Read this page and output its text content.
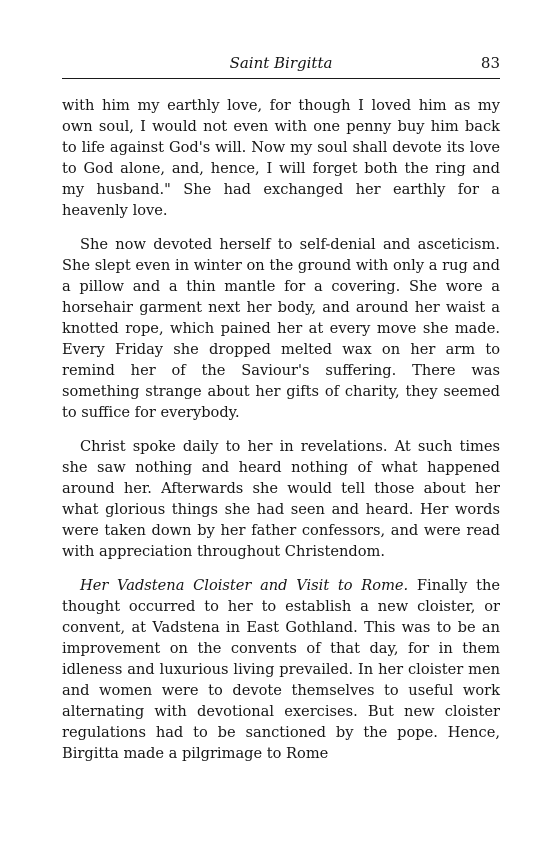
Saint Birgitta	83

with him my earthly love, for though I loved him as my own soul, I would not even with one penny buy him back to life against God's will. Now my soul shall devote its love to God alone, and, hence, I will forget both the ring and my husband." She had exchanged her earthly for a heavenly love.

She now devoted herself to self-denial and asceticism. She slept even in winter on the ground with only a rug and a pillow and a thin mantle for a covering. She wore a horsehair garment next her body, and around her waist a knotted rope, which pained her at every move she made. Every Friday she dropped melted wax on her arm to remind her of the Saviour's suffering. There was something strange about her gifts of charity, they seemed to suffice for everybody.

Christ spoke daily to her in revelations. At such times she saw nothing and heard nothing of what happened around her. Afterwards she would tell those about her what glorious things she had seen and heard. Her words were taken down by her father confessors, and were read with appreciation throughout Christendom.

Her Vadstena Cloister and Visit to Rome. Finally the thought occurred to her to establish a new cloister, or convent, at Vadstena in East Gothland. This was to be an improvement on the convents of that day, for in them idleness and luxurious living prevailed. In her cloister men and women were to devote themselves to useful work alternating with devotional exercises. But new cloister regulations had to be sanctioned by the pope. Hence, Birgitta made a pilgrimage to Rome
